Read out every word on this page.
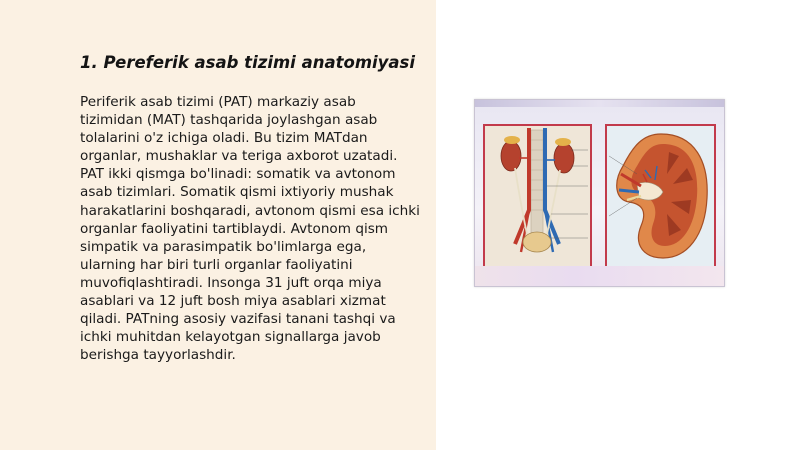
1. Pereferik asab tizimi anatomiyasi
Periferik asab tizimi (PAT) markaziy asab tizimidan (MAT) tashqarida joylashgan asab tolalarini o'z ichiga oladi. Bu tizim MATdan organlar, mushaklar va teriga axborot uzatadi. PAT ikki qismga bo'linadi: somatik va avtonom asab tizimlari. Somatik qismi ixtiyoriy mushak harakatlarini boshqaradi, avtonom qismi esa ichki organlar faoliyatini tartiblaydi. Avtonom qism simpatik va parasimpatik bo'limlarga ega, ularning har biri turli organlar faoliyatini muvofiqlashtiradi. Insonga 31 juft orqa miya asablari va 12 juft bosh miya asablari xizmat qiladi. PATning asosiy vazifasi tanani tashqi va ichki muhitdan kelayotgan signallarga javob berishga tayyorlashdir.
